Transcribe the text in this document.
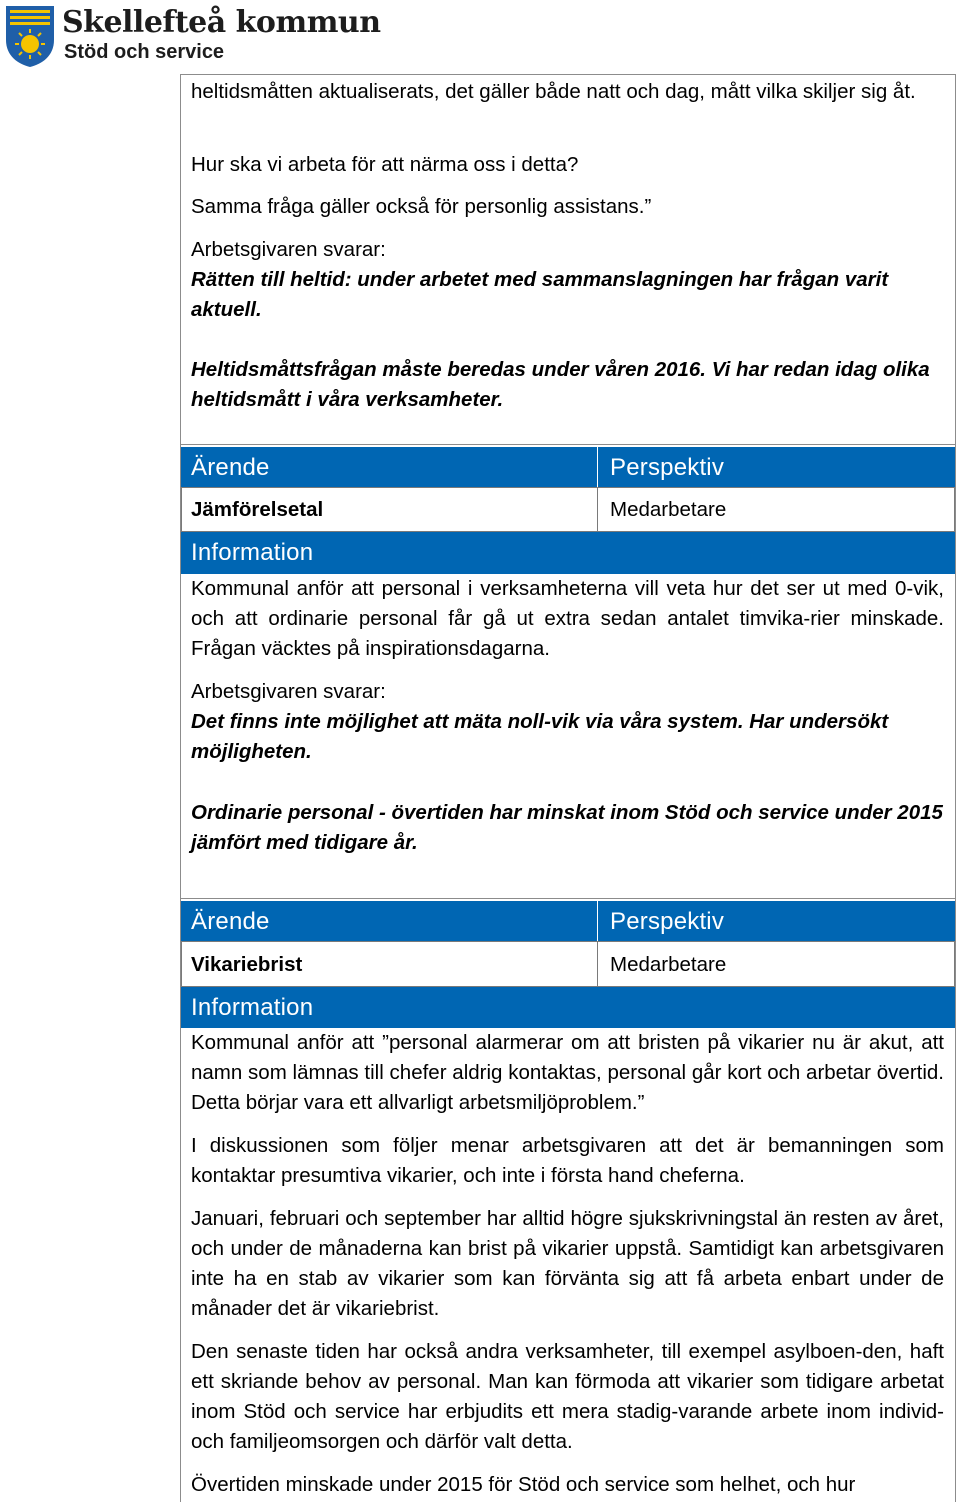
Skellefteå kommun
Stöd och service
heltidsmåtten aktualiserats, det gäller både natt och dag, mått vilka skiljer sig åt.
Hur ska vi arbeta för att närma oss i detta?
Samma fråga gäller också för personlig assistans.”
Arbetsgivaren svarar:
Rätten till heltid: under arbetet med sammanslagningen har frågan varit aktuell.
Heltidsmåttsfrågan måste beredas under våren 2016. Vi har redan idag olika heltidsmått i våra verksamheter.
Ärende	Perspektiv
Jämförelsetal	Medarbetare
Information
Kommunal anför att personal i verksamheterna vill veta hur det ser ut med 0-vik, och att ordinarie personal får gå ut extra sedan antalet timvika-rier minskade. Frågan väcktes på inspirationsdagarna.
Arbetsgivaren svarar:
Det finns inte möjlighet att mäta noll-vik via våra system. Har undersökt möjligheten.
Ordinarie personal - övertiden har minskat inom Stöd och service under 2015 jämfört med tidigare år.
Ärende	Perspektiv
Vikariebrist	Medarbetare
Information
Kommunal anför att ”personal alarmerar om att bristen på vikarier nu är akut, att namn som lämnas till chefer aldrig kontaktas, personal går kort och arbetar övertid. Detta börjar vara ett allvarligt arbetsmiljöproblem.”
I diskussionen som följer menar arbetsgivaren att det är bemanningen som kontaktar presumtiva vikarier, och inte i första hand cheferna.
Januari, februari och september har alltid högre sjukskrivningstal än resten av året, och under de månaderna kan brist på vikarier uppstå. Samtidigt kan arbetsgivaren inte ha en stab av vikarier som kan förvänta sig att få arbeta enbart under de månader det är vikariebrist.
Den senaste tiden har också andra verksamheter, till exempel asylboen-den, haft ett skriande behov av personal. Man kan förmoda att vikarier som tidigare arbetat inom Stöd och service har erbjudits ett mera stadig-varande arbete inom individ- och familjeomsorgen och därför valt detta.
Övertiden minskade under 2015 för Stöd och service som helhet, och hur
